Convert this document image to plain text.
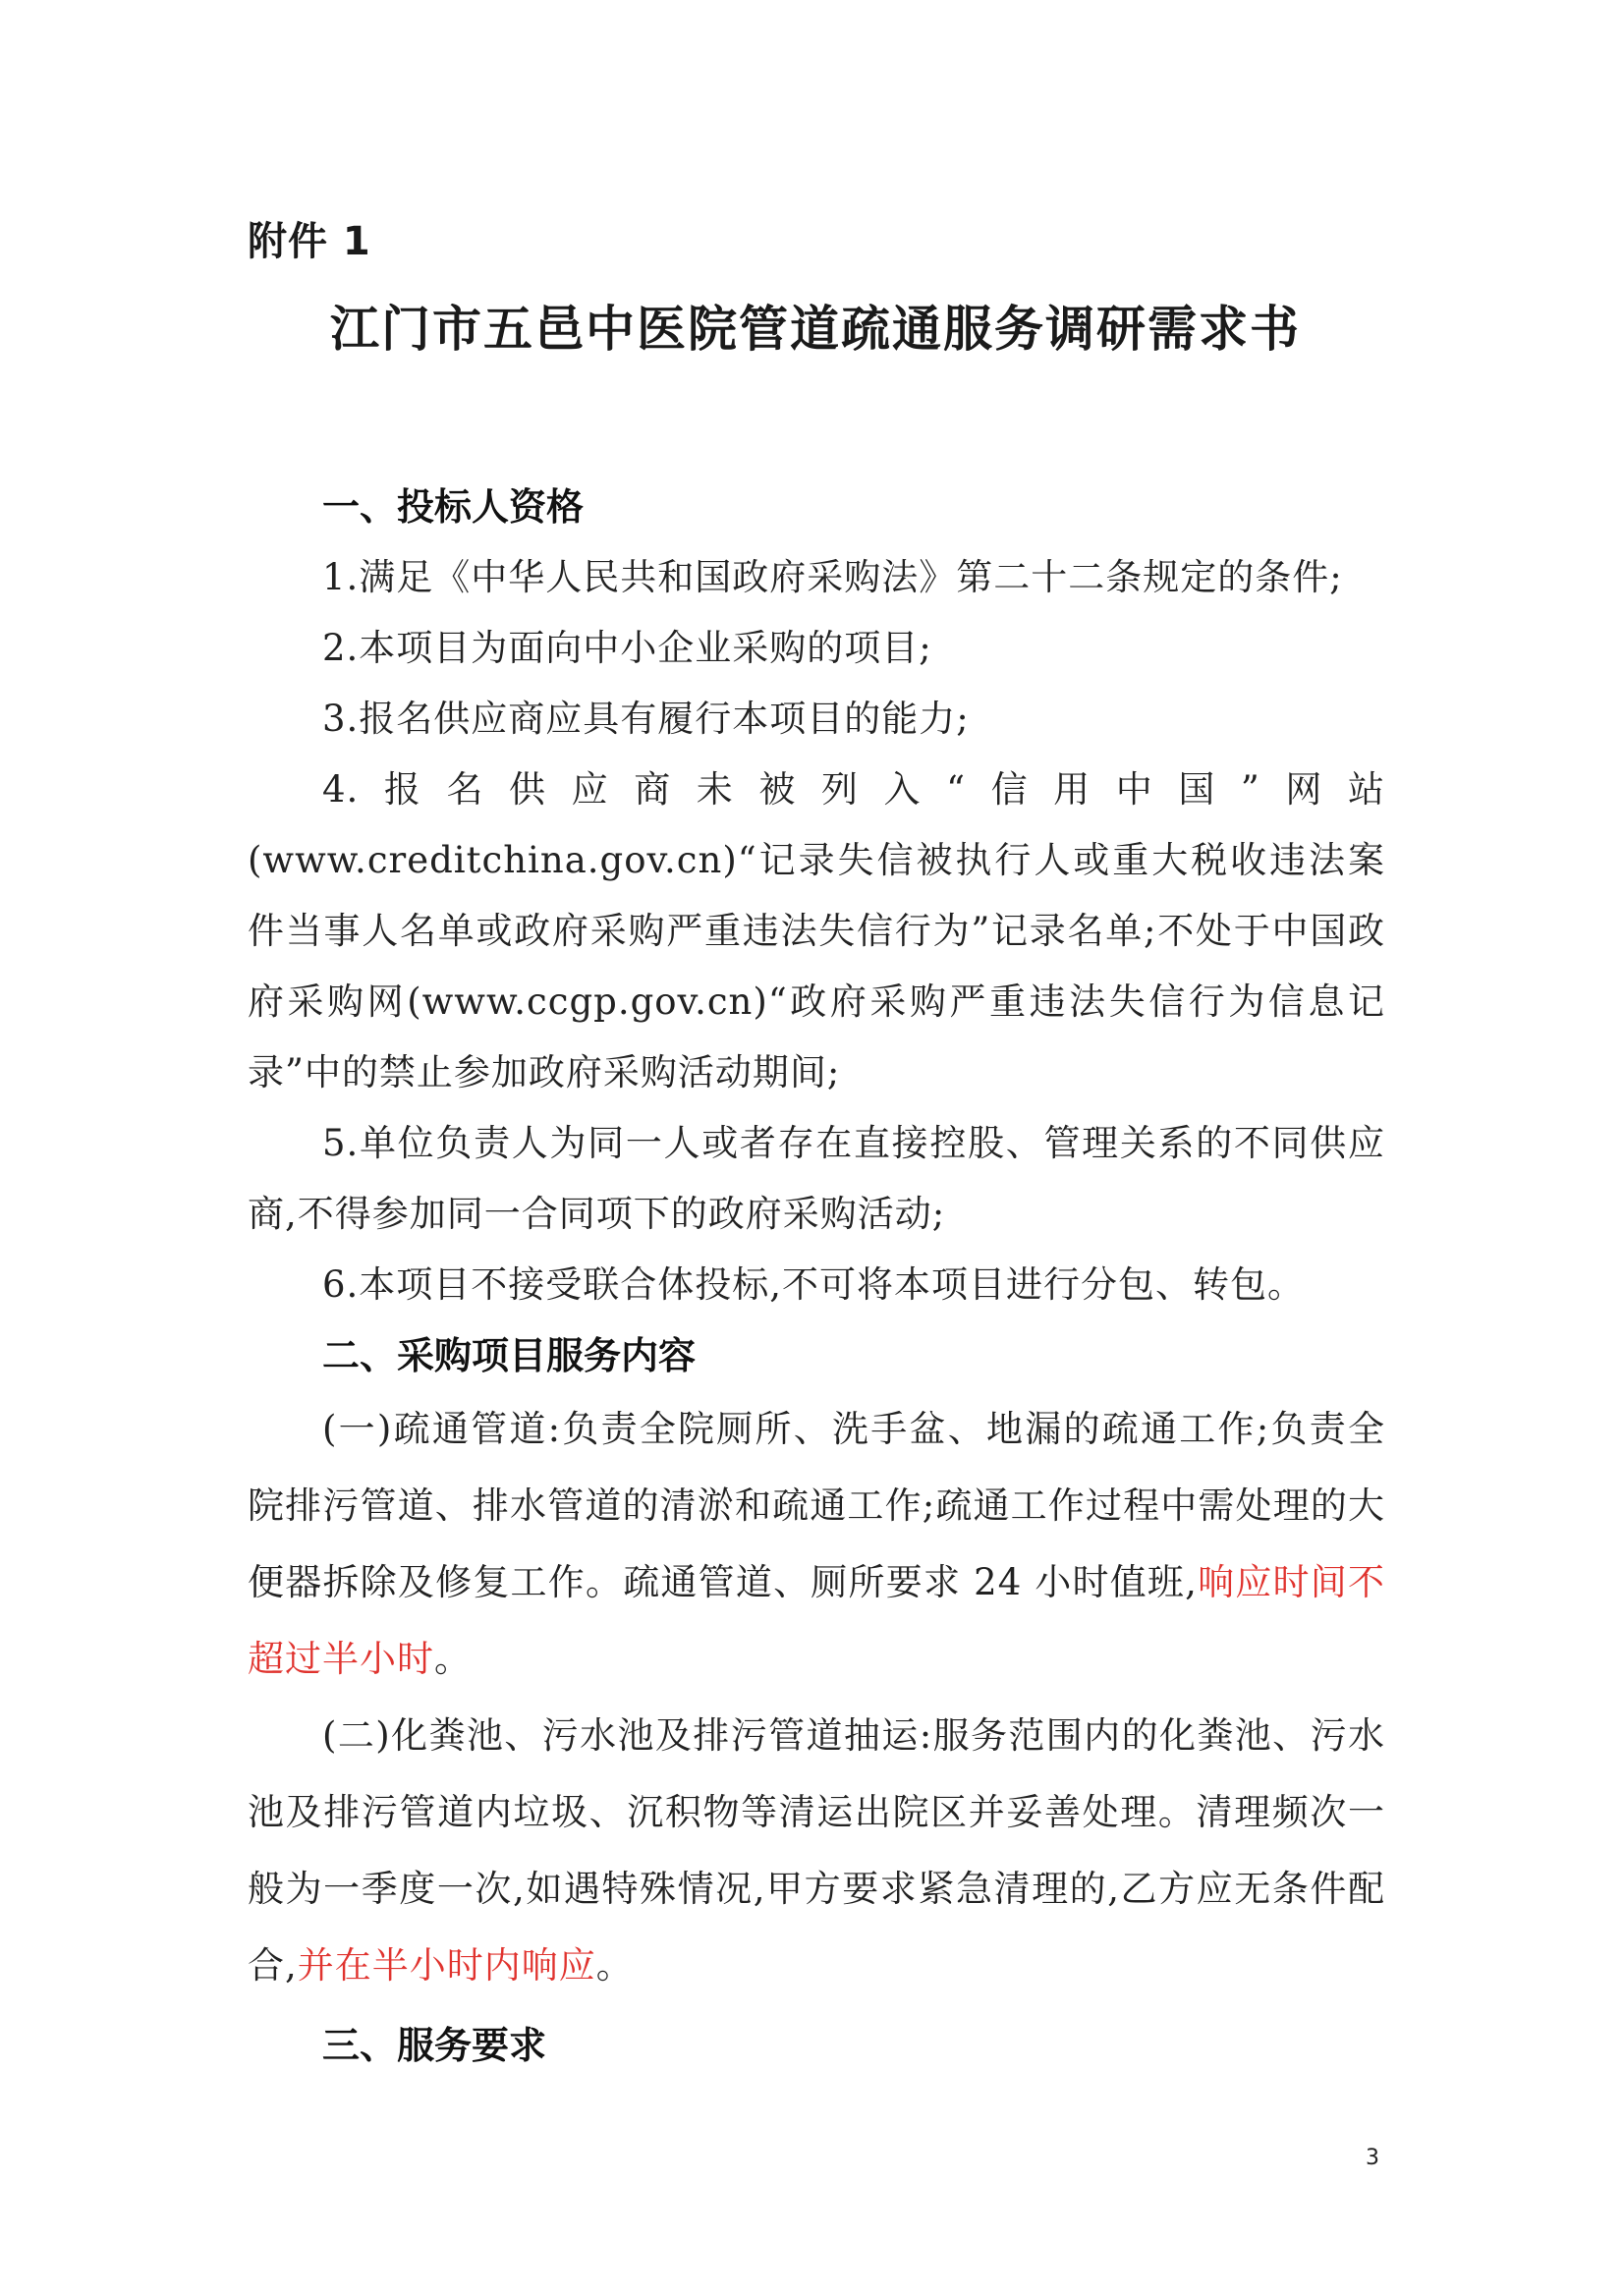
附件 1
江门市五邑中医院管道疏通服务调研需求书
一、投标人资格

1.满足《中华人民共和国政府采购法》第二十二条规定的条件;

2.本项目为面向中小企业采购的项目;

3.报名供应商应具有履行本项目的能力;

4.报名供应商未被列入“信用中国”网站(www.creditchina.gov.cn)“记录失信被执行人或重大税收违法案件当事人名单或政府采购严重违法失信行为”记录名单;不处于中国政府采购网(www.ccgp.gov.cn)“政府采购严重违法失信行为信息记录”中的禁止参加政府采购活动期间;

5.单位负责人为同一人或者存在直接控股、管理关系的不同供应商,不得参加同一合同项下的政府采购活动;

6.本项目不接受联合体投标,不可将本项目进行分包、转包。

二、采购项目服务内容

(一)疏通管道:负责全院厕所、洗手盆、地漏的疏通工作;负责全院排污管道、排水管道的清淤和疏通工作;疏通工作过程中需处理的大便器拆除及修复工作。疏通管道、厕所要求 24 小时值班,响应时间不超过半小时。

(二)化粪池、污水池及排污管道抽运:服务范围内的化粪池、污水池及排污管道内垃圾、沉积物等清运出院区并妥善处理。清理频次一般为一季度一次,如遇特殊情况,甲方要求紧急清理的,乙方应无条件配合,并在半小时内响应。

三、服务要求
3
